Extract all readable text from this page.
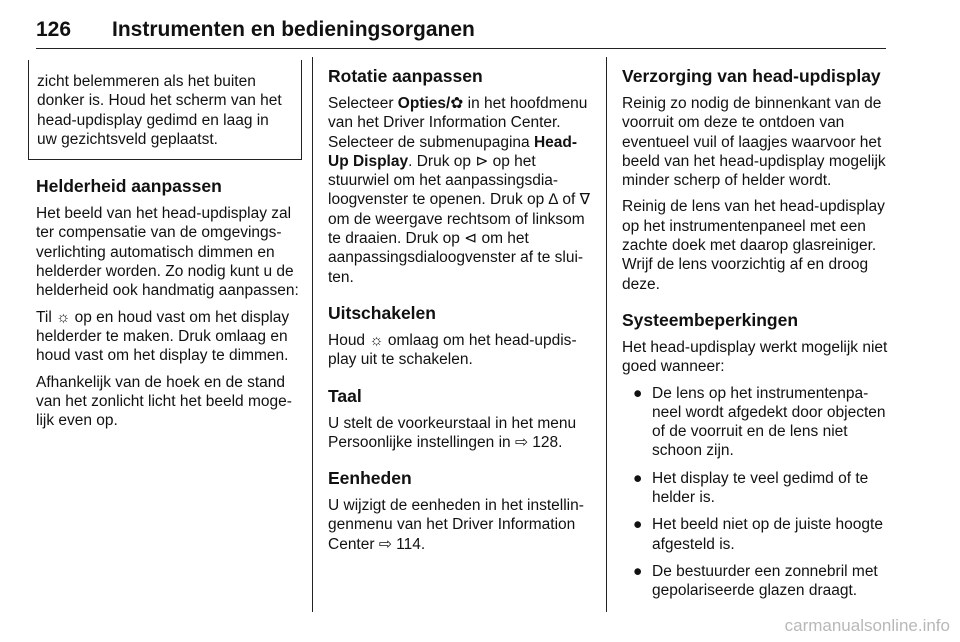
126 Instrumenten en bedieningsorganen
zicht belemmeren als het buiten donker is. Houd het scherm van het head-updisplay gedimd en laag in uw gezichtsveld geplaatst.
Helderheid aanpassen

Het beeld van het head-updisplay zal ter compensatie van de omgevingsverlichting automatisch dimmen en helderder worden. Zo nodig kunt u de helderheid ook handmatig aanpassen:

Til ☼ op en houd vast om het display helderder te maken. Druk omlaag en houd vast om het display te dimmen.

Afhankelijk van de hoek en de stand van het zonlicht licht het beeld mogelijk even op.

Rotatie aanpassen

Selecteer Opties/✿ in het hoofdmenu van het Driver Information Center. Selecteer de submenupagina Head-Up Display. Druk op ⊳ op het stuurwiel om het aanpassingsdialoogvenster te openen. Druk op ∆ of ∇ om de weergave rechtsom of linksom te draaien. Druk op ⊲ om het aanpassingsdialoogvenster af te sluiten.

Uitschakelen

Houd ☼ omlaag om het head-updisplay uit te schakelen.

Taal

U stelt de voorkeurstaal in het menu Persoonlijke instellingen in ⇨ 128.

Eenheden

U wijzigt de eenheden in het instellingenmenu van het Driver Information Center ⇨ 114.

Verzorging van head-updisplay

Reinig zo nodig de binnenkant van de voorruit om deze te ontdoen van eventueel vuil of laagjes waarvoor het beeld van het head-updisplay mogelijk minder scherp of helder wordt.

Reinig de lens van het head-updisplay op het instrumentenpaneel met een zachte doek met daarop glasreiniger. Wrijf de lens voorzichtig af en droog deze.

Systeembeperkingen

Het head-updisplay werkt mogelijk niet goed wanneer:

● De lens op het instrumentenpaneel wordt afgedekt door objecten of de voorruit en de lens niet schoon zijn.
● Het display te veel gedimd of te helder is.
● Het beeld niet op de juiste hoogte afgesteld is.
● De bestuurder een zonnebril met gepolariseerde glazen draagt.
carmanualsonline.info
